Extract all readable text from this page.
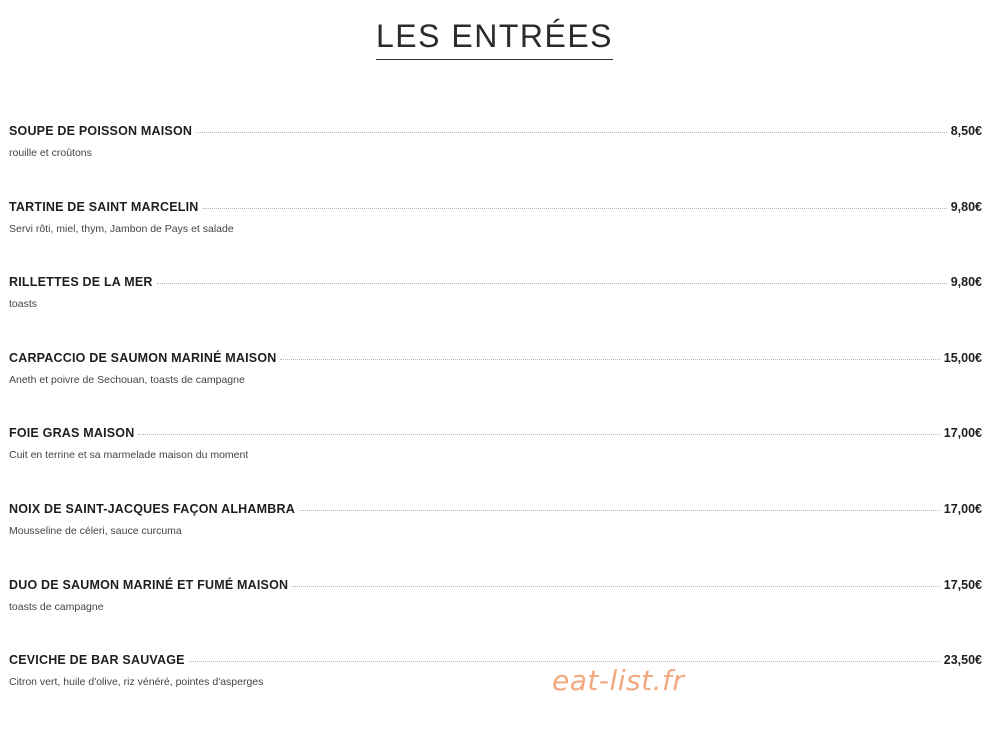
LES ENTRÉES
SOUPE DE POISSON MAISON	8,50€
rouille et croûtons
TARTINE DE SAINT MARCELIN	9,80€
Servi rôti, miel, thym, Jambon de Pays et salade
RILLETTES DE LA MER	9,80€
toasts
CARPACCIO DE SAUMON MARINÉ MAISON	15,00€
Aneth et poivre de Sechouan, toasts de campagne
FOIE GRAS MAISON	17,00€
Cuit en terrine et sa marmelade maison du moment
NOIX DE SAINT-JACQUES FAÇON ALHAMBRA	17,00€
Mousseline de céleri, sauce curcuma
DUO DE SAUMON MARINÉ ET FUMÉ MAISON	17,50€
toasts de campagne
CEVICHE DE BAR SAUVAGE	23,50€
Citron vert, huile d'olive, riz vénéré, pointes d'asperges	eat-list.fr
